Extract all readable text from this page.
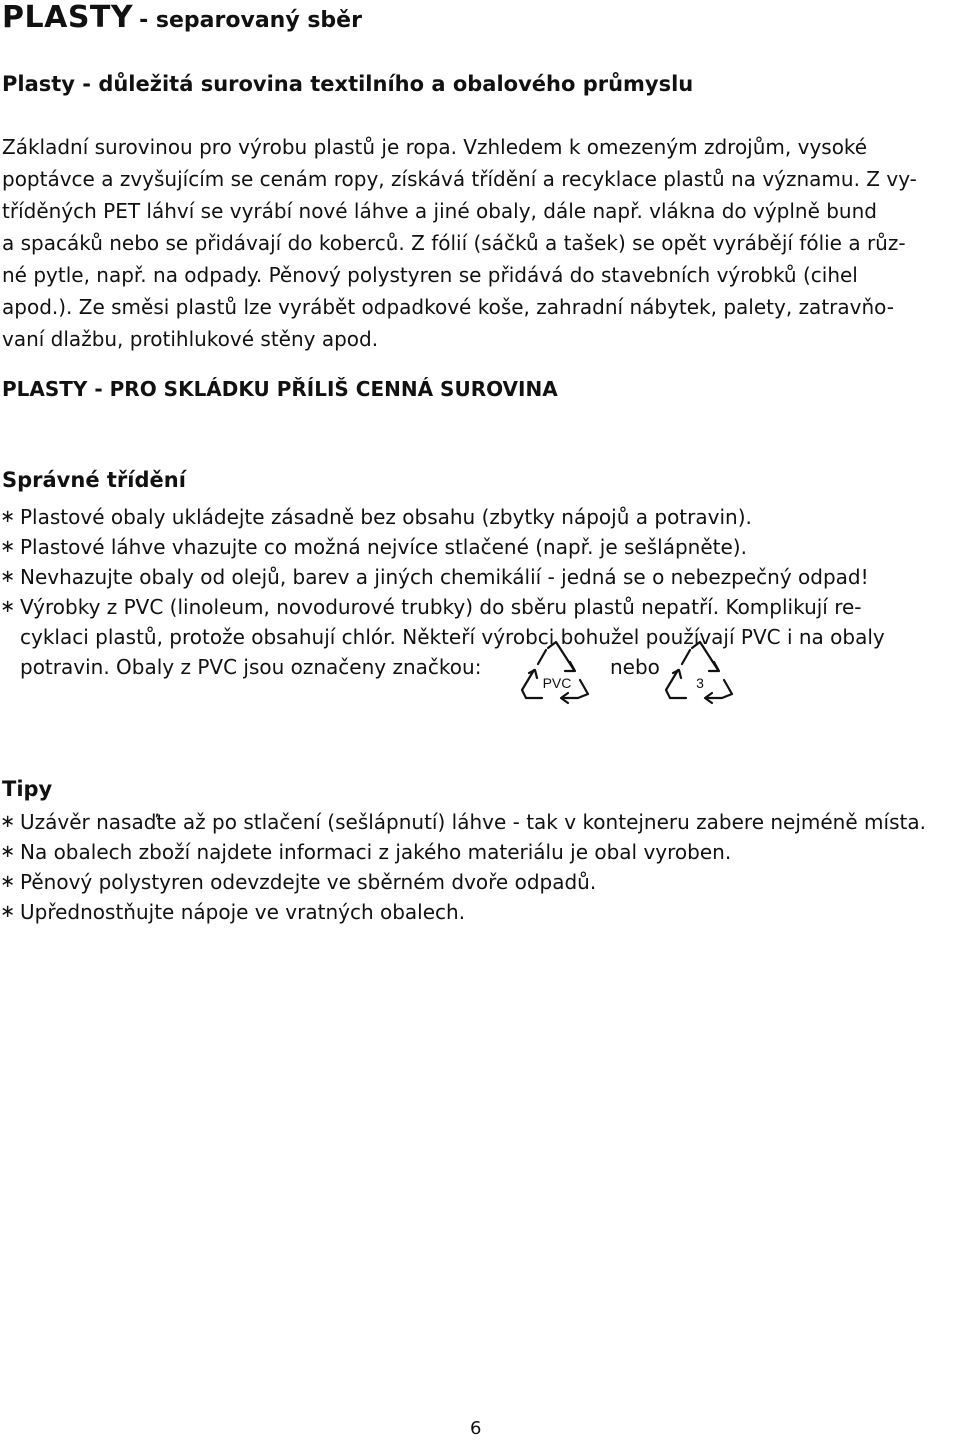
PLASTY - separovaný sběr
Plasty - důležitá surovina textilního a obalového průmyslu
Základní surovinou pro výrobu plastů je ropa. Vzhledem k omezeným zdrojům, vysoké
poptávce a zvyšujícím se cenám ropy, získává třídění a recyklace plastů na významu. Z vy-
tříděných PET láhví se vyrábí nové láhve a jiné obaly, dále např. vlákna do výplně bund
a spacáků nebo se přidávají do koberců. Z fólií (sáčků a tašek) se opět vyrábějí fólie a růz-
né pytle, např. na odpady. Pěnový polystyren se přidává do stavebních výrobků (cihel
apod.). Ze směsi plastů lze vyrábět odpadkové koše, zahradní nábytek, palety, zatravňo-
vaní dlažbu, protihlukové stěny apod.
PLASTY - PRO SKLÁDKU PŘÍLIŠ CENNÁ SUROVINA
Správné třídění
∗ Plastové obaly ukládejte zásadně bez obsahu (zbytky nápojů a potravin).
∗ Plastové láhve vhazujte co možná nejvíce stlačené (např. je sešlápněte).
∗ Nevhazujte obaly od olejů, barev a jiných chemikálií - jedná se o nebezpečný odpad!
∗ Výrobky z PVC (linoleum, novodurové trubky) do sběru plastů nepatří. Komplikují re-
cyklaci plastů, protože obsahují chlór. Někteří výrobci bohužel používají PVC i na obaly
potravin. Obaly z PVC jsou označeny značkou:
PVC
nebo
3
Tipy
∗ Uzávěr nasaďte až po stlačení (sešlápnutí) láhve - tak v kontejneru zabere nejméně místa.
∗ Na obalech zboží najdete informaci z jakého materiálu je obal vyroben.
∗ Pěnový polystyren odevzdejte ve sběrném dvoře odpadů.
∗ Upřednostňujte nápoje ve vratných obalech.
6
